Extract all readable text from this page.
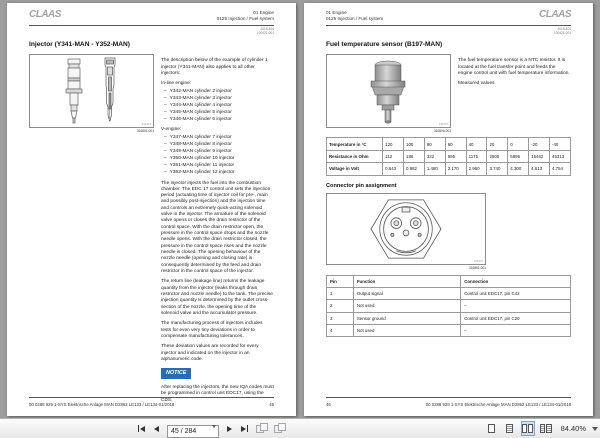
CLAAS	01 Engine
0125 Injection / Fuel system
2015-404
100421-001
Injector (Y341-MAN - Y352-MAN)
411973
316801-001
The description below of the example of cylinder 1 injector (Y341-MAN) also applies to all other injectors:
In-line engine:
– Y342-MAN cylinder 2 injector
– Y343-MAN cylinder 3 injector
– Y344-MAN cylinder 4 injector
– Y345-MAN cylinder 5 injector
– Y346-MAN cylinder 6 injector
V-engine:
– Y347-MAN cylinder 7 injector
– Y348-MAN cylinder 8 injector
– Y349-MAN cylinder 9 injector
– Y350-MAN cylinder 10 injector
– Y351-MAN cylinder 11 injector
– Y352-MAN cylinder 12 injector
The injector injects the fuel into the combustion chamber. The EDC 17 control unit sets the injection period (actuating time of injector coil for pre-, main and possibly post-injection) and the injection time and controls an extremely quick-acting solenoid valve in the injector. The armature of the solenoid valve opens or closes the drain restrictor of the control space. With the drain restrictor open, the pressure in the control space drops and the nozzle needle opens. With the drain restrictor closed, the pressure in the control space rises and the nozzle needle is closed. The opening behaviour of the nozzle needle (opening and closing rate) is consequently determined by the feed and drain restrictor in the control space of the injector.
The return line (leakage line) returns the leakage quantity from the injector (leaks through drain restrictor and nozzle needle) to the tank. The precise injection quantity is determined by the outlet cross-section of the nozzle, the opening time of the solenoid valve and the accumulator pressure.
The manufacturing process of injectors includes tests for even very tiny deviations in order to compensate manufacturing tolerances.
These deviation values are recorded for every injector and indicated on the injector in an alphanumeric code.
NOTICE
After replacing the injectors, the new IQA codes must be programmed in control unit EDC17, using the CDS.
00 0288 929 1-SYS Elektrische Anlage MAN D2862 LE133 / LE134-01/2018	45
01 Engine
0125 Injection / Fuel system	CLAAS
2015-404
100421-001
Fuel temperature sensor (B197-MAN)
411975
316806-001
The fuel temperature sensor is a NTC resistor. It is located at the fuel transfer point and feeds the engine control unit with fuel temperature information.
Measured values
Temperature in °C	120	100	80	60	40	20	0	-20	-40
Resistance in Ohm	112	186	322	595	1175	2500	5896	15462	45313
Voltage in Volt	0.643	0.982	1.480	2.170	2.960	3.740	4.300	4.613	4.754
Connector pin assignment
411976
316861-001
Pin	Function	Connection
1	Output signal	Control unit EDC17, pin C42
2	Not used	–
3	Sensor ground	Control unit EDC17, pin C20
4	Not used	–
46	00 0288 929 1-SYS Elektrische Anlage MAN D2862 LE133 / LE134-01/2018
45 / 284
84.40%
